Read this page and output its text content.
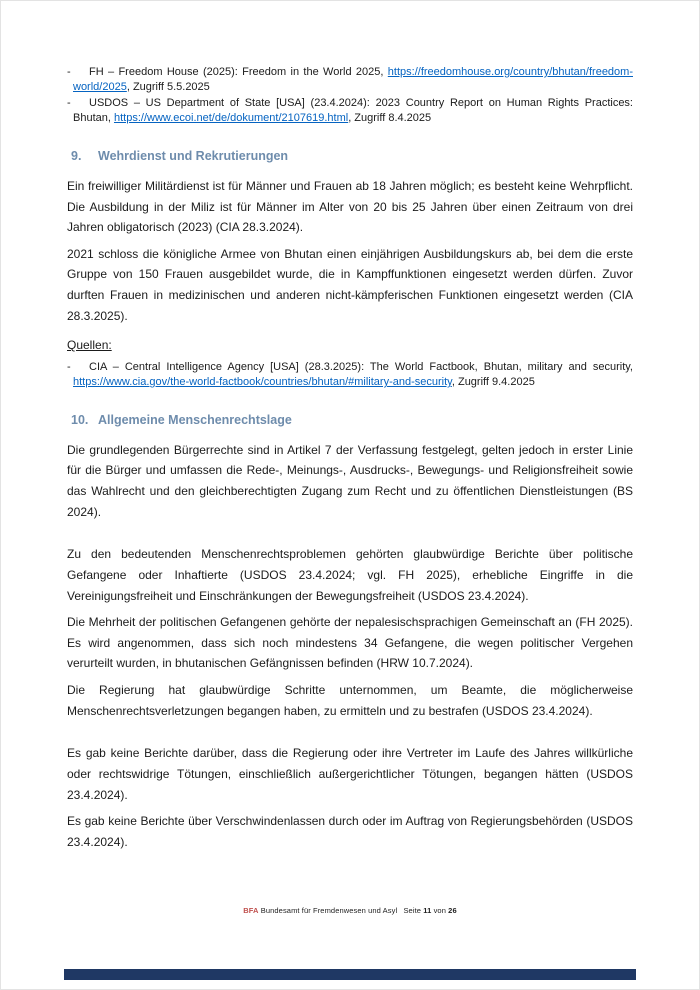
- FH – Freedom House (2025): Freedom in the World 2025, https://freedomhouse.org/country/bhutan/freedom-world/2025, Zugriff 5.5.2025
- USDOS – US Department of State [USA] (23.4.2024): 2023 Country Report on Human Rights Practices: Bhutan, https://www.ecoi.net/de/dokument/2107619.html, Zugriff 8.4.2025
9.	Wehrdienst und Rekrutierungen

Ein freiwilliger Militärdienst ist für Männer und Frauen ab 18 Jahren möglich; es besteht keine Wehrpflicht. Die Ausbildung in der Miliz ist für Männer im Alter von 20 bis 25 Jahren über einen Zeitraum von drei Jahren obligatorisch (2023) (CIA 28.3.2024).

2021 schloss die königliche Armee von Bhutan einen einjährigen Ausbildungskurs ab, bei dem die erste Gruppe von 150 Frauen ausgebildet wurde, die in Kampffunktionen eingesetzt werden dürfen. Zuvor durften Frauen in medizinischen und anderen nicht-kämpferischen Funktionen eingesetzt werden (CIA 28.3.2025).

Quellen:

- CIA – Central Intelligence Agency [USA] (28.3.2025): The World Factbook, Bhutan, military and security, https://www.cia.gov/the-world-factbook/countries/bhutan/#military-and-security, Zugriff 9.4.2025
10. Allgemeine Menschenrechtslage

Die grundlegenden Bürgerrechte sind in Artikel 7 der Verfassung festgelegt, gelten jedoch in erster Linie für die Bürger und umfassen die Rede-, Meinungs-, Ausdrucks-, Bewegungs- und Religionsfreiheit sowie das Wahlrecht und den gleichberechtigten Zugang zum Recht und zu öffentlichen Dienstleistungen (BS 2024).

Zu den bedeutenden Menschenrechtsproblemen gehörten glaubwürdige Berichte über politische Gefangene oder Inhaftierte (USDOS 23.4.2024; vgl. FH 2025), erhebliche Eingriffe in die Vereinigungsfreiheit und Einschränkungen der Bewegungsfreiheit (USDOS 23.4.2024).

Die Mehrheit der politischen Gefangenen gehörte der nepalesischsprachigen Gemeinschaft an (FH 2025). Es wird angenommen, dass sich noch mindestens 34 Gefangene, die wegen politischer Vergehen verurteilt wurden, in bhutanischen Gefängnissen befinden (HRW 10.7.2024).

Die Regierung hat glaubwürdige Schritte unternommen, um Beamte, die möglicherweise Menschenrechtsverletzungen begangen haben, zu ermitteln und zu bestrafen (USDOS 23.4.2024).

Es gab keine Berichte darüber, dass die Regierung oder ihre Vertreter im Laufe des Jahres willkürliche oder rechtswidrige Tötungen, einschließlich außergerichtlicher Tötungen, begangen hätten (USDOS 23.4.2024).

Es gab keine Berichte über Verschwindenlassen durch oder im Auftrag von Regierungsbehörden (USDOS 23.4.2024).

BFA Bundesamt für Fremdenwesen und Asyl Seite 11 von 26
